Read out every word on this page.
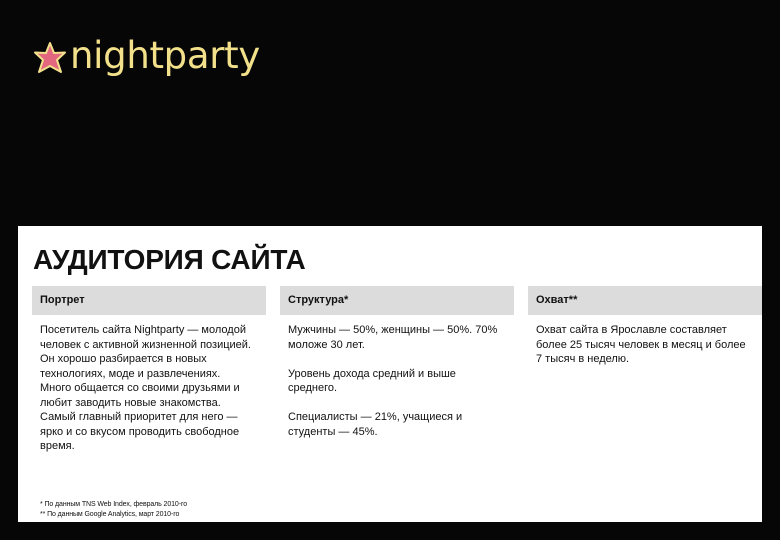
nightparty
АУДИТОРИЯ САЙТА
Портрет

Посетитель сайта Nightparty — молодой человек с активной жизненной позицией. Он хорошо разбирается в новых технологиях, моде и развлечениях. Много общается со своими друзьями и любит заводить новые знакомства. Самый главный приоритет для него — ярко и со вкусом проводить свободное время.

Структура*

Мужчины — 50%, женщины — 50%. 70% моложе 30 лет.

Уровень дохода средний и выше среднего.

Специалисты — 21%, учащиеся и студенты — 45%.

Охват**

Охват сайта в Ярославле составляет более 25 тысяч человек в месяц и более 7 тысяч в неделю.

* По данным TNS Web Index, февраль 2010-го
** По данным Google Analytics, март 2010-го
